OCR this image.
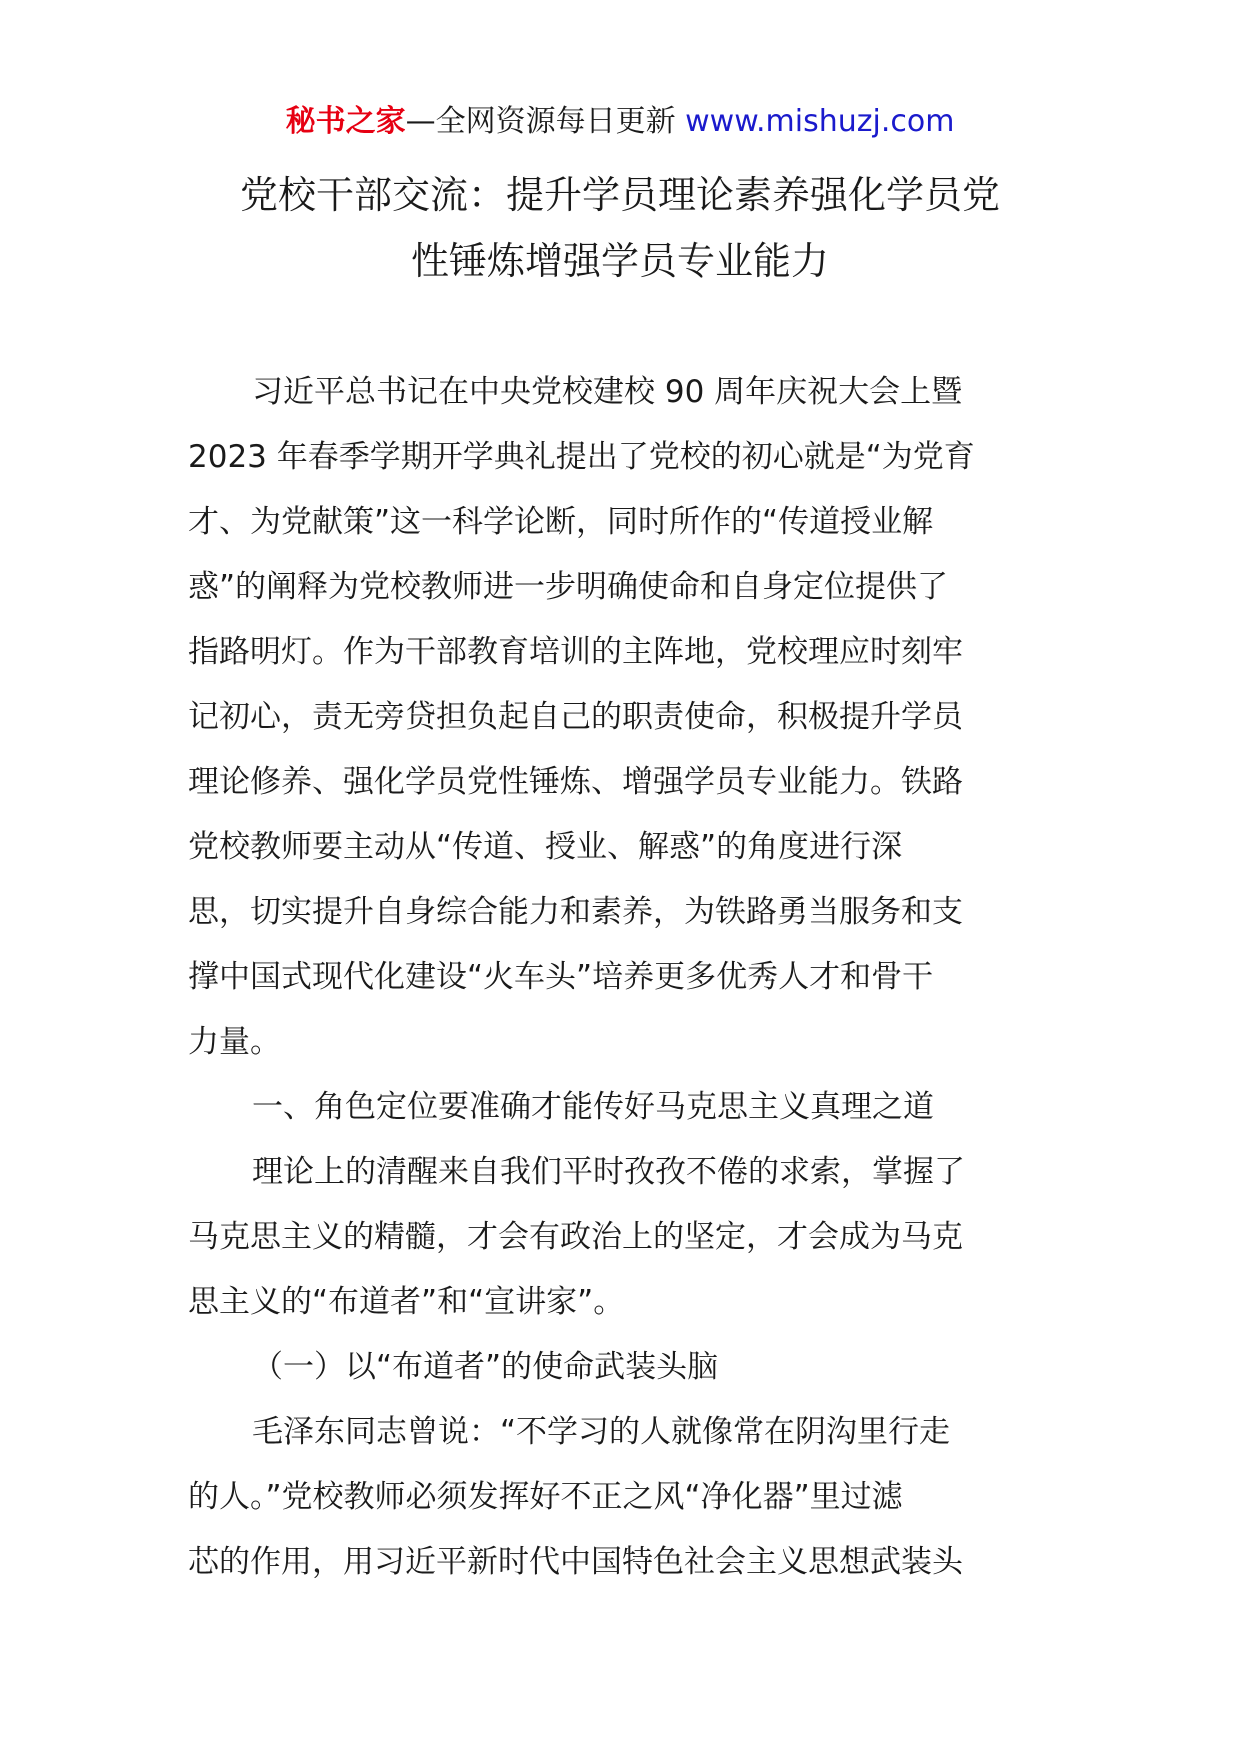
秘书之家—全网资源每日更新 www.mishuzj.com
党校干部交流：提升学员理论素养强化学员党
性锤炼增强学员专业能力
习近平总书记在中央党校建校 90 周年庆祝大会上暨
2023 年春季学期开学典礼提出了党校的初心就是“为党育
才、为党献策”这一科学论断，同时所作的“传道授业解
惑”的阐释为党校教师进一步明确使命和自身定位提供了
指路明灯。作为干部教育培训的主阵地，党校理应时刻牢
记初心，责无旁贷担负起自己的职责使命，积极提升学员
理论修养、强化学员党性锤炼、增强学员专业能力。铁路
党校教师要主动从“传道、授业、解惑”的角度进行深
思，切实提升自身综合能力和素养，为铁路勇当服务和支
撑中国式现代化建设“火车头”培养更多优秀人才和骨干
力量。
一、角色定位要准确才能传好马克思主义真理之道
理论上的清醒来自我们平时孜孜不倦的求索，掌握了
马克思主义的精髓，才会有政治上的坚定，才会成为马克
思主义的“布道者”和“宣讲家”。
（一）以“布道者”的使命武装头脑
毛泽东同志曾说：“不学习的人就像常在阴沟里行走
的人。”党校教师必须发挥好不正之风“净化器”里过滤
芯的作用，用习近平新时代中国特色社会主义思想武装头
